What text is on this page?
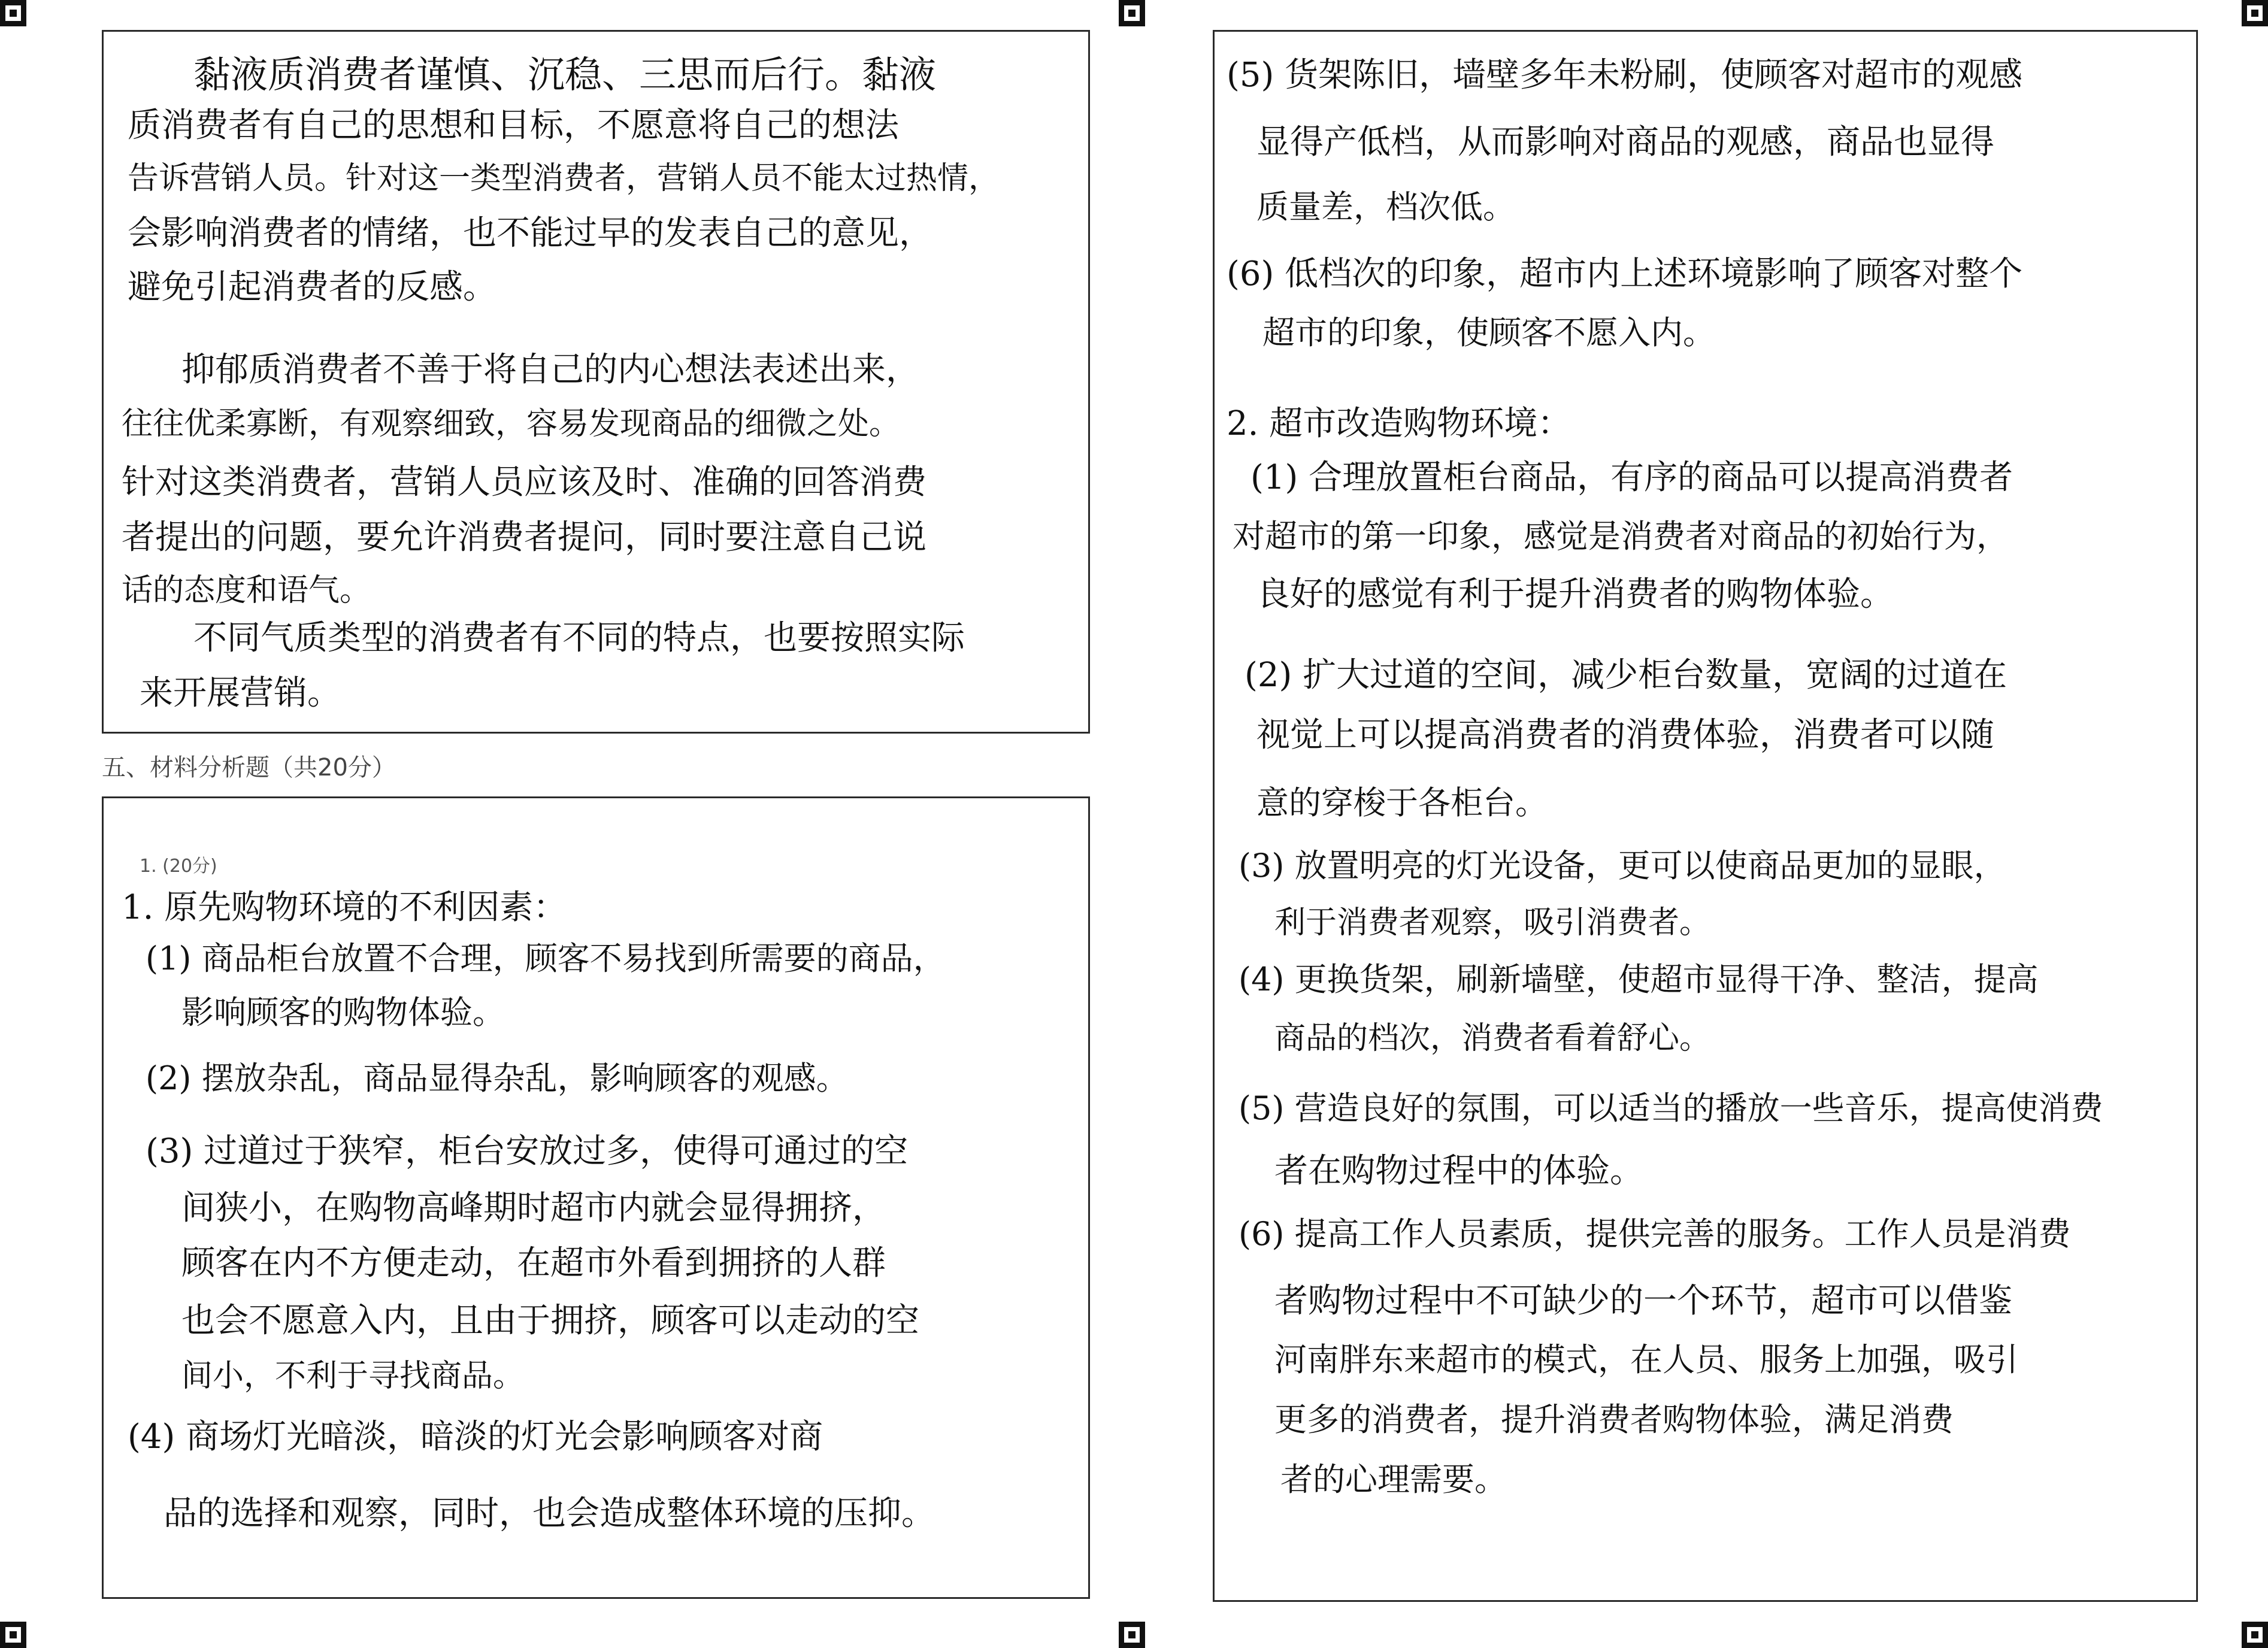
黏液质消费者谨慎、沉稳、三思而后行。黏液
质消费者有自己的思想和目标，不愿意将自己的想法
告诉营销人员。针对这一类型消费者，营销人员不能太过热情，
会影响消费者的情绪，也不能过早的发表自己的意见，
避免引起消费者的反感。
抑郁质消费者不善于将自己的内心想法表述出来，
往往优柔寡断，有观察细致，容易发现商品的细微之处。
针对这类消费者，营销人员应该及时、准确的回答消费
者提出的问题，要允许消费者提问，同时要注意自己说
话的态度和语气。
不同气质类型的消费者有不同的特点，也要按照实际
来开展营销。
五、材料分析题（共20分）
1. (20分)
1. 原先购物环境的不利因素：
(1) 商品柜台放置不合理，顾客不易找到所需要的商品，
影响顾客的购物体验。
(2) 摆放杂乱，商品显得杂乱，影响顾客的观感。
(3) 过道过于狭窄，柜台安放过多，使得可通过的空
间狭小，在购物高峰期时超市内就会显得拥挤，
顾客在内不方便走动，在超市外看到拥挤的人群
也会不愿意入内，且由于拥挤，顾客可以走动的空
间小，不利于寻找商品。
(4) 商场灯光暗淡，暗淡的灯光会影响顾客对商
品的选择和观察，同时，也会造成整体环境的压抑。
(5) 货架陈旧，墙壁多年未粉刷，使顾客对超市的观感
显得产低档，从而影响对商品的观感，商品也显得
质量差，档次低。
(6) 低档次的印象，超市内上述环境影响了顾客对整个
超市的印象，使顾客不愿入内。
2. 超市改造购物环境：
(1) 合理放置柜台商品，有序的商品可以提高消费者
对超市的第一印象，感觉是消费者对商品的初始行为，
良好的感觉有利于提升消费者的购物体验。
(2) 扩大过道的空间，减少柜台数量，宽阔的过道在
视觉上可以提高消费者的消费体验，消费者可以随
意的穿梭于各柜台。
(3) 放置明亮的灯光设备，更可以使商品更加的显眼，
利于消费者观察，吸引消费者。
(4) 更换货架，刷新墙壁，使超市显得干净、整洁，提高
商品的档次，消费者看着舒心。
(5) 营造良好的氛围，可以适当的播放一些音乐，提高使消费
者在购物过程中的体验。
(6) 提高工作人员素质，提供完善的服务。工作人员是消费
者购物过程中不可缺少的一个环节，超市可以借鉴
河南胖东来超市的模式，在人员、服务上加强，吸引
更多的消费者，提升消费者购物体验，满足消费
者的心理需要。
